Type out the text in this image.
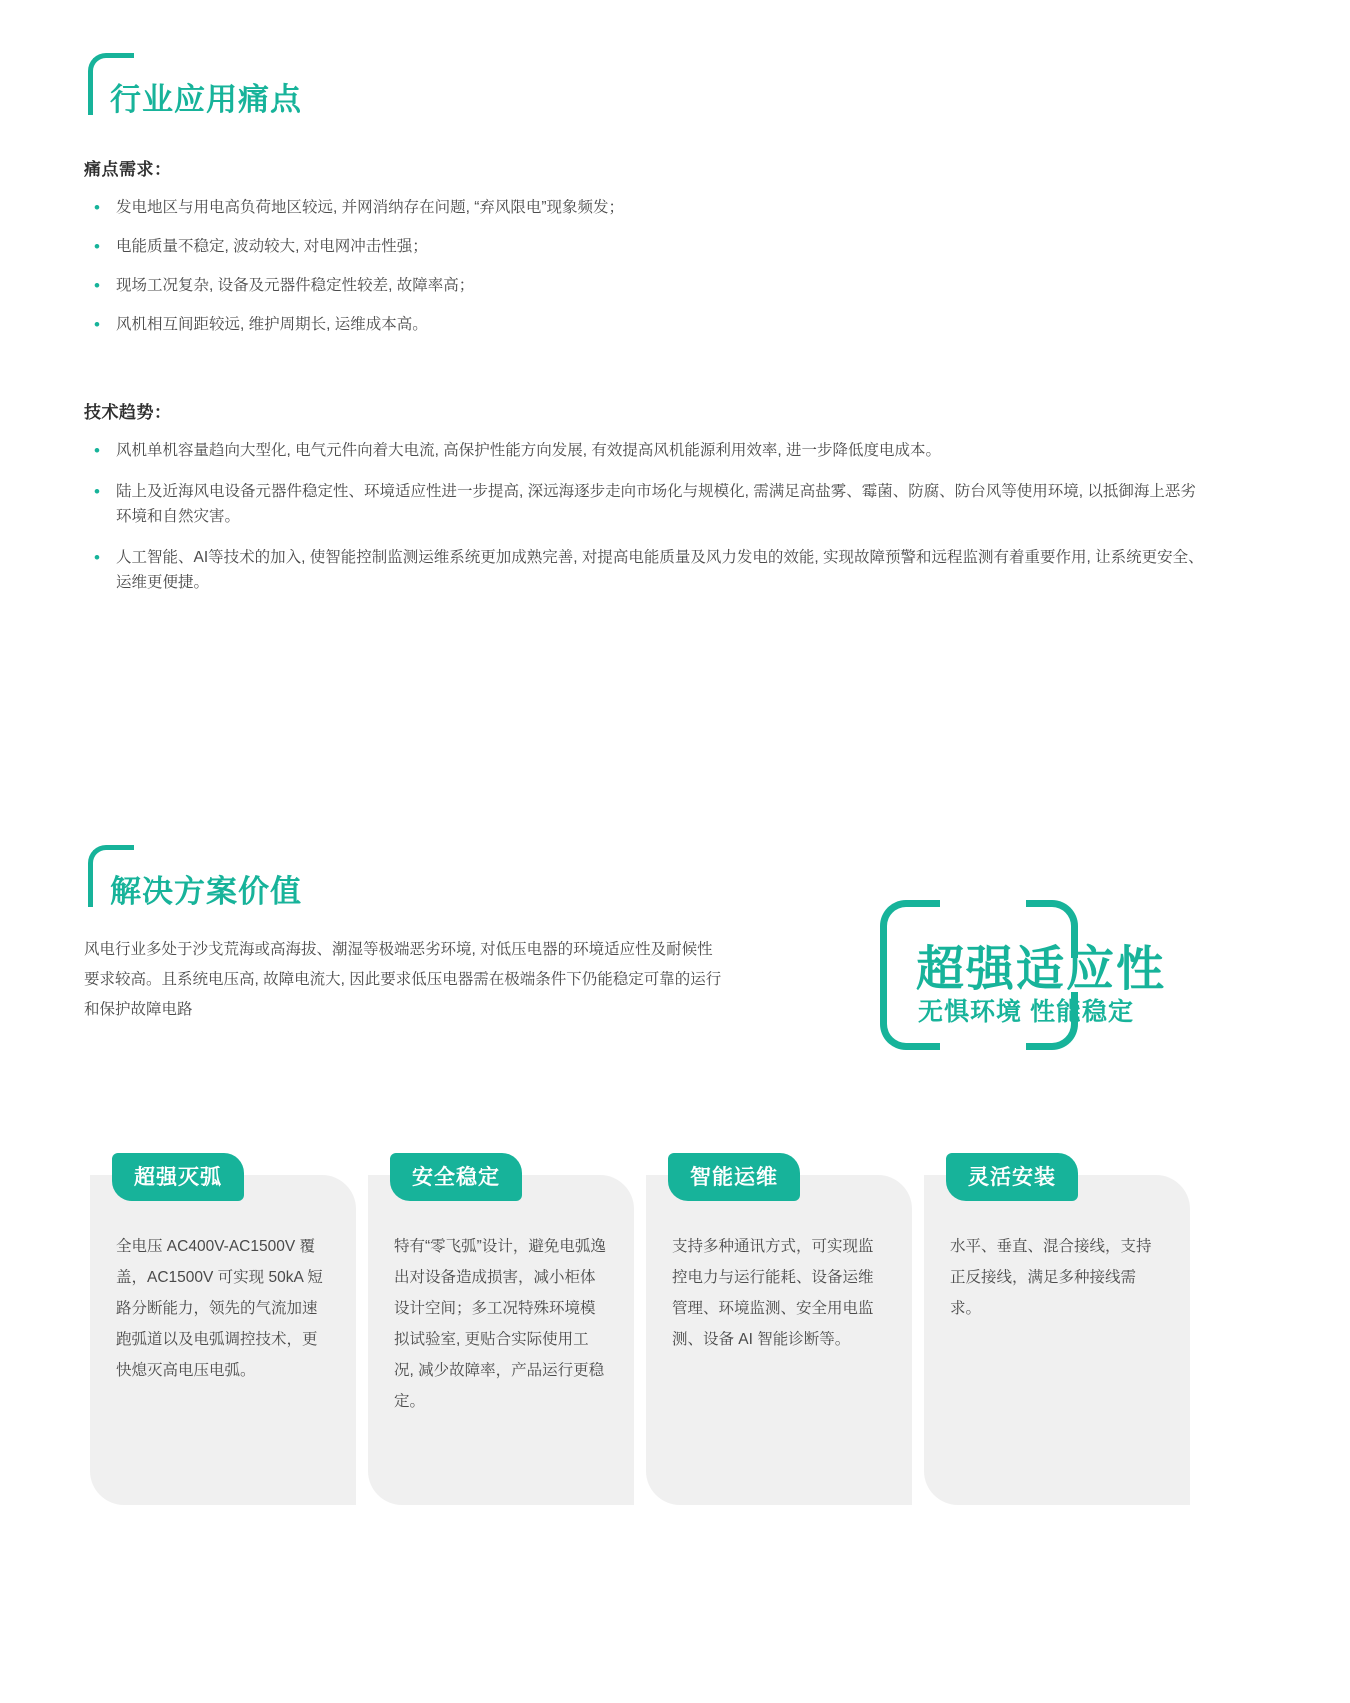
行业应用痛点
痛点需求：
• 发电地区与用电高负荷地区较远, 并网消纳存在问题, “弃风限电”现象频发；
• 电能质量不稳定, 波动较大, 对电网冲击性强；
• 现场工况复杂, 设备及元器件稳定性较差, 故障率高；
• 风机相互间距较远, 维护周期长, 运维成本高。
技术趋势：
• 风机单机容量趋向大型化, 电气元件向着大电流, 高保护性能方向发展, 有效提高风机能源利用效率, 进一步降低度电成本。
• 陆上及近海风电设备元器件稳定性、环境适应性进一步提高, 深远海逐步走向市场化与规模化, 需满足高盐雾、霉菌、防腐、防台风等使用环境, 以抵御海上恶劣环境和自然灾害。
• 人工智能、AI等技术的加入, 使智能控制监测运维系统更加成熟完善, 对提高电能质量及风力发电的效能, 实现故障预警和远程监测有着重要作用, 让系统更安全、运维更便捷。
解决方案价值
风电行业多处于沙戈荒海或高海拔、潮湿等极端恶劣环境, 对低压电器的环境适应性及耐候性要求较高。且系统电压高, 故障电流大, 因此要求低压电器需在极端条件下仍能稳定可靠的运行和保护故障电路
超强适应性
无惧环境 性能稳定
超强灭弧
全电压 AC400V-AC1500V 覆盖，AC1500V 可实现 50kA 短路分断能力，领先的气流加速跑弧道以及电弧调控技术，更快熄灭高电压电弧。
安全稳定
特有“零飞弧”设计，避免电弧逸出对设备造成损害，减小柜体设计空间；多工况特殊环境模拟试验室, 更贴合实际使用工况, 减少故障率，产品运行更稳定。
智能运维
支持多种通讯方式，可实现监控电力与运行能耗、设备运维管理、环境监测、安全用电监测、设备 AI 智能诊断等。
灵活安装
水平、垂直、混合接线，支持正反接线，满足多种接线需求。
